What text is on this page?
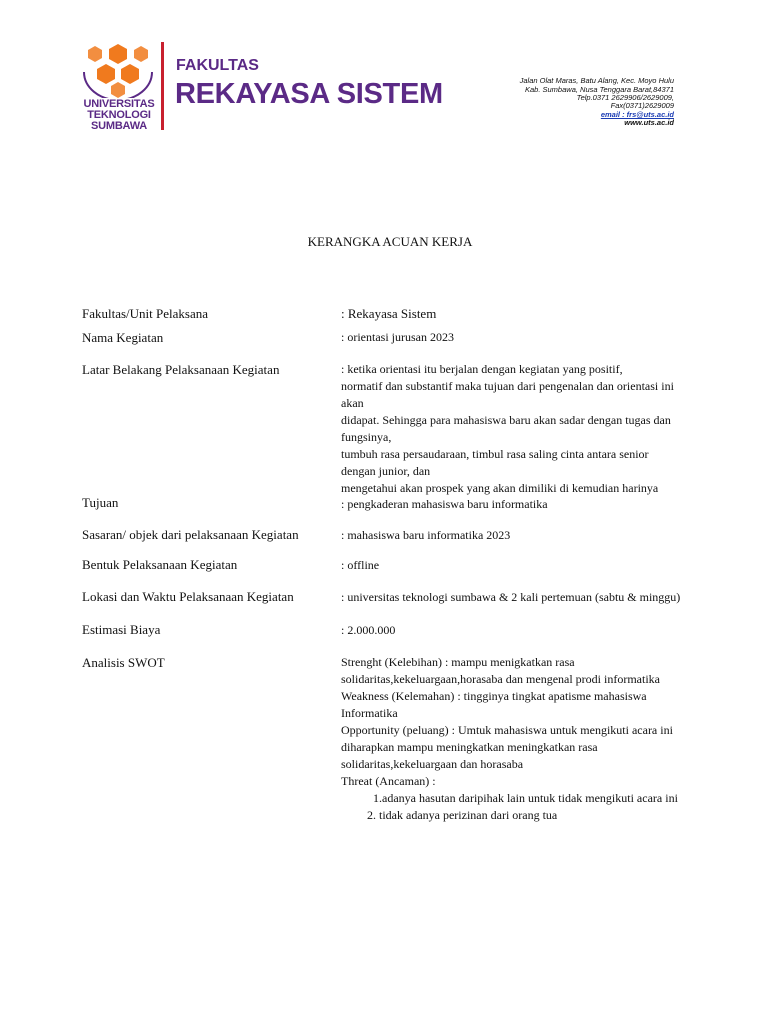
UNIVERSITAS
TEKNOLOGI
SUMBAWA
FAKULTAS
REKAYASA SISTEM	Jalan Olat Maras, Batu Alang, Kec. Moyo Hulu
Kab. Sumbawa, Nusa Tenggara Barat,84371
Telp.0371 2629906/2629009,
Fax(0371)2629009
email : frs@uts.ac.id
www.uts.ac.id
KERANGKA ACUAN KERJA
Fakultas/Unit Pelaksana	: Rekayasa Sistem
Nama Kegiatan	: orientasi jurusan 2023
Latar Belakang Pelaksanaan Kegiatan	: ketika orientasi itu berjalan dengan kegiatan yang positif,
normatif dan substantif maka tujuan dari pengenalan dan orientasi ini akan
didapat. Sehingga para mahasiswa baru akan sadar dengan tugas dan fungsinya,
tumbuh rasa persaudaraan, timbul rasa saling cinta antara senior dengan junior, dan
mengetahui akan prospek yang akan dimiliki di kemudian harinya
Tujuan	: pengkaderan mahasiswa baru informatika
Sasaran/ objek dari pelaksanaan Kegiatan	: mahasiswa baru informatika 2023
Bentuk Pelaksanaan Kegiatan	: offline
Lokasi dan Waktu Pelaksanaan Kegiatan	: universitas teknologi sumbawa & 2 kali pertemuan (sabtu & minggu)
Estimasi Biaya	: 2.000.000
Analisis SWOT	Strenght (Kelebihan) : mampu menigkatkan rasa solidaritas,kekeluargaan,horasaba dan mengenal prodi informatika
Weakness (Kelemahan) : tingginya tingkat apatisme mahasiswa Informatika
Opportunity (peluang) : Umtuk mahasiswa untuk mengikuti acara ini diharapkan mampu meningkatkan meningkatkan rasa solidaritas,kekeluargaan dan horasaba
Threat (Ancaman) :
1.adanya hasutan daripihak lain untuk tidak mengikuti acara ini
2. tidak adanya perizinan dari orang tua
